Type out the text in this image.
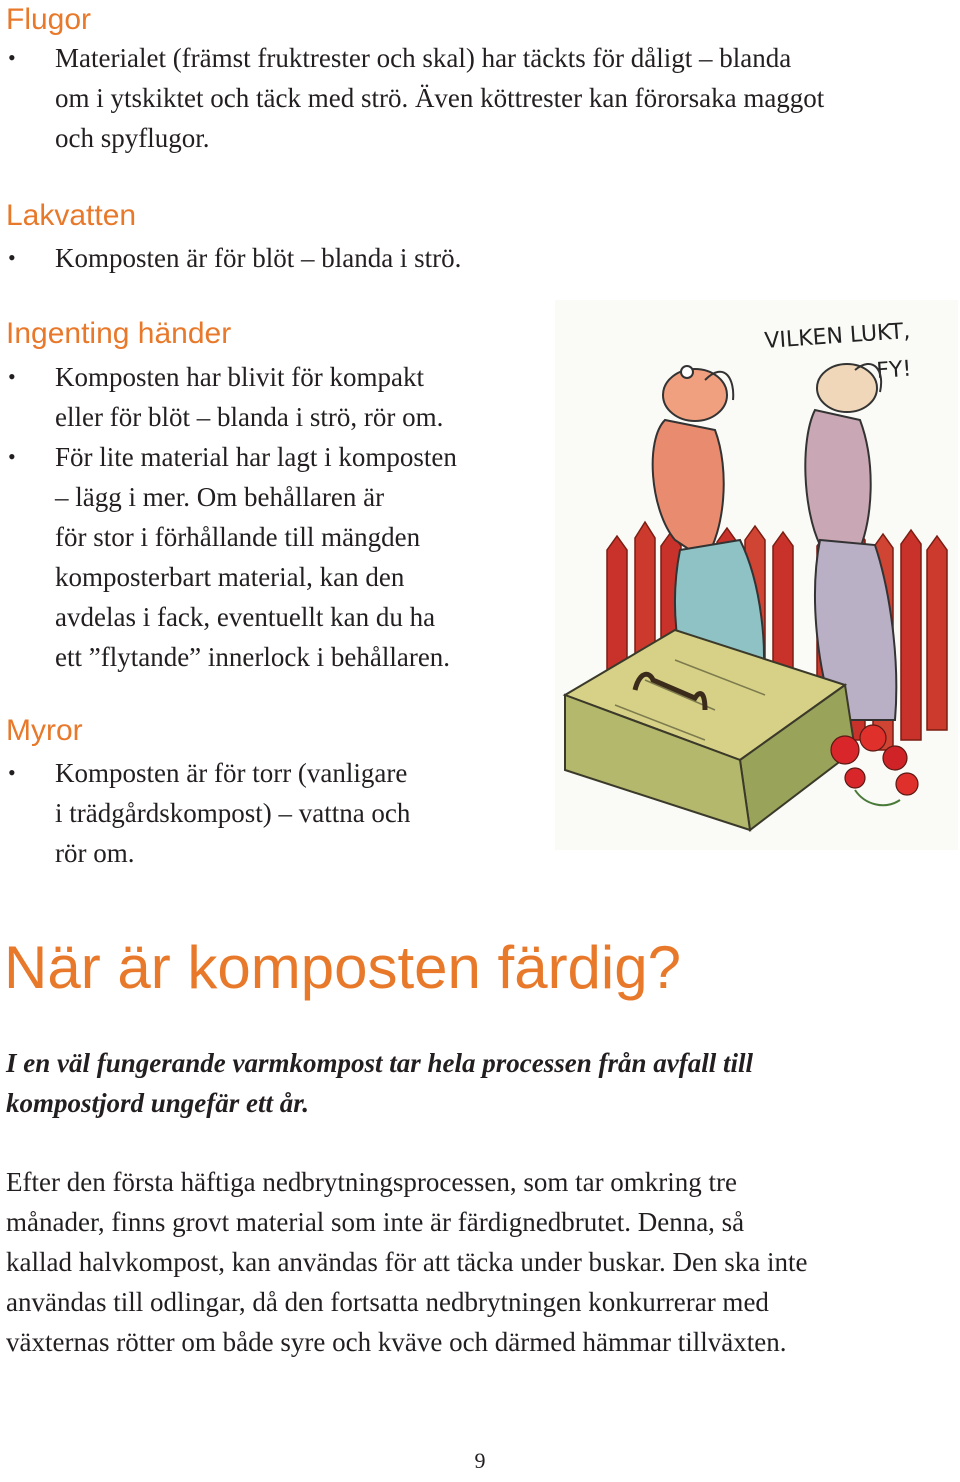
Flugor
• Materialet (främst fruktrester och skal) har täckts för dåligt – blanda
om i ytskiktet och täck med strö. Även köttrester kan förorsaka maggot
och spyflugor.
Lakvatten
• Komposten är för blöt – blanda i strö.
Ingenting händer
• Komposten har blivit för kompakt
eller för blöt – blanda i strö, rör om.
• För lite material har lagt i komposten
– lägg i mer. Om behållaren är
för stor i förhållande till mängden
komposterbart material, kan den
avdelas i fack, eventuellt kan du ha
ett ”flytande” innerlock i behållaren.
Myror
• Komposten är för torr (vanligare
i trädgårdskompost) – vattna och
rör om.
VILKEN LUKT,
FY!
När är komposten färdig?

I en väl fungerande varmkompost tar hela processen från avfall till
kompostjord ungefär ett år.

Efter den första häftiga nedbrytningsprocessen, som tar omkring tre
månader, finns grovt material som inte är färdignedbrutet. Denna, så
kallad halvkompost, kan användas för att täcka under buskar. Den ska inte
användas till odlingar, då den fortsatta nedbrytningen konkurrerar med
växternas rötter om både syre och kväve och därmed hämmar tillväxten.

9
